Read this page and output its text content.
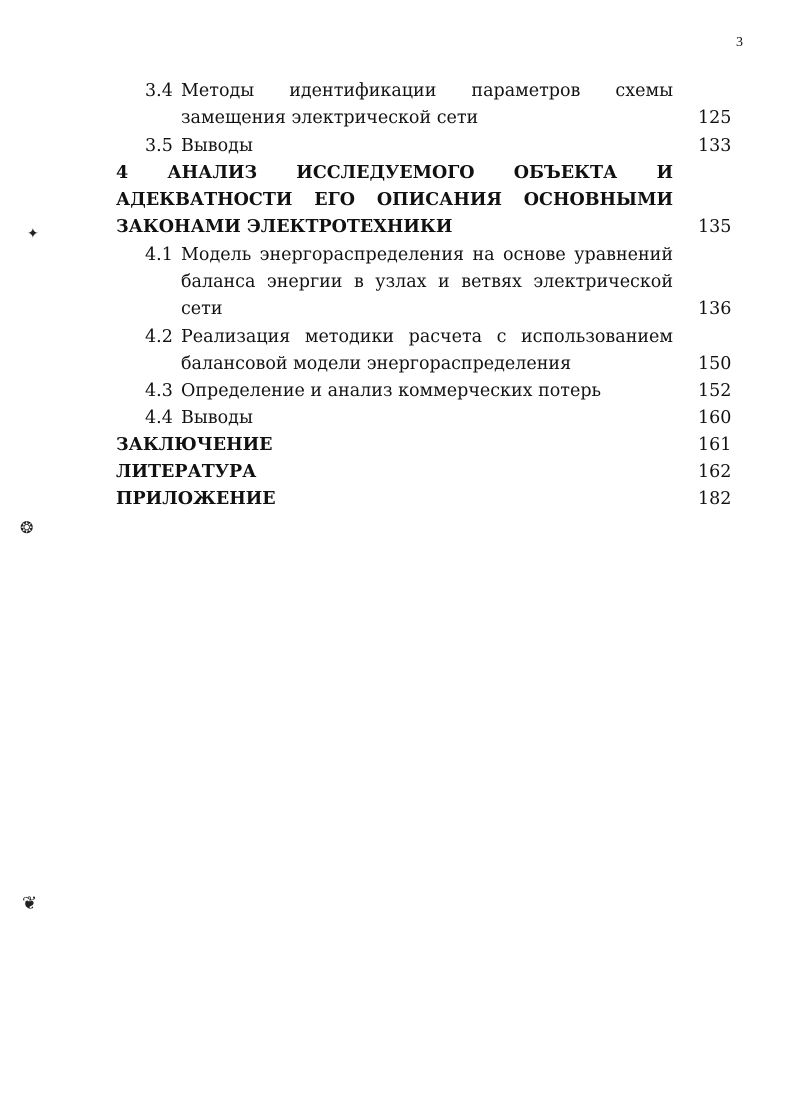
3
✦
❂
❦
3.4 Методы идентификации параметров схемы
замещения электрической сети	125
3.5 Выводы	133
4 АНАЛИЗ ИССЛЕДУЕМОГО ОБЪЕКТА И
АДЕКВАТНОСТИ ЕГО ОПИСАНИЯ ОСНОВНЫМИ
ЗАКОНАМИ ЭЛЕКТРОТЕХНИКИ	135
4.1 Модель энергораспределения на основе уравнений
баланса энергии в узлах и ветвях электрической
сети	136
4.2 Реализация методики расчета с использованием
балансовой модели энергораспределения	150
4.3 Определение и анализ коммерческих потерь	152
4.4 Выводы	160
ЗАКЛЮЧЕНИЕ	161
ЛИТЕРАТУРА	162
ПРИЛОЖЕНИЕ	182
